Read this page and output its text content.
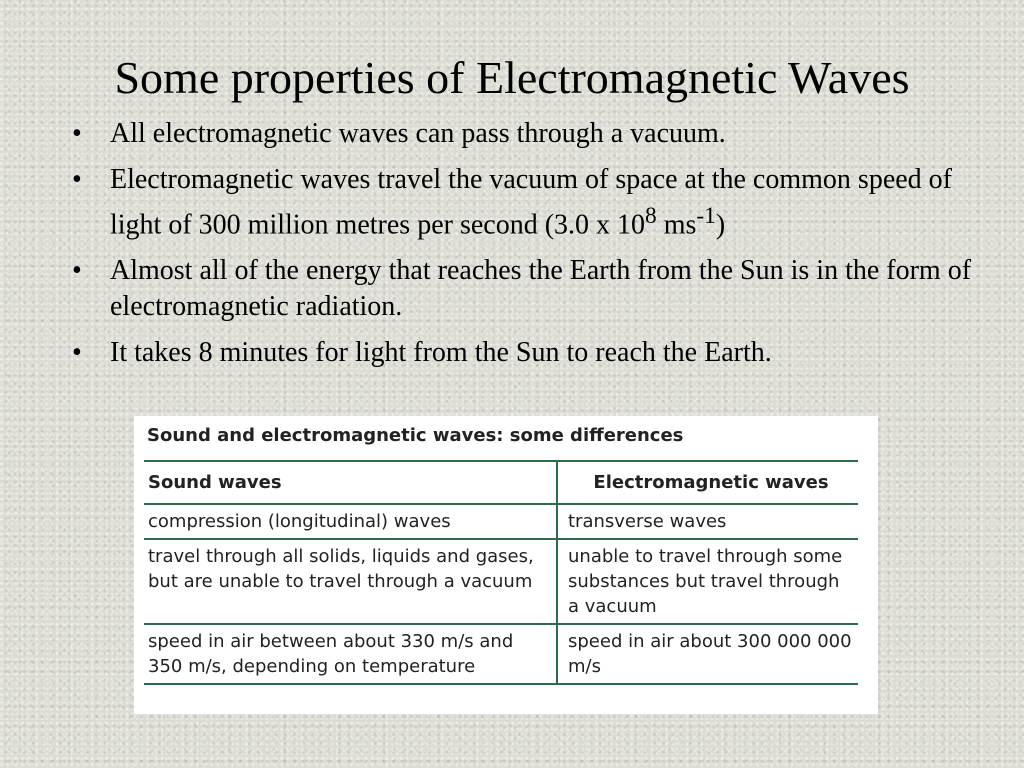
Some properties of Electromagnetic Waves
• All electromagnetic waves can pass through a vacuum.
• Electromagnetic waves travel the vacuum of space at the common speed of light of 300 million metres per second (3.0 x $10^8$ $ms^{-1}$)
• Almost all of the energy that reaches the Earth from the Sun is in the form of electromagnetic radiation.
• It takes 8 minutes for light from the Sun to reach the Earth.
Sound and electromagnetic waves: some differences
Sound waves	Electromagnetic waves
compression (longitudinal) waves	transverse waves
travel through all solids, liquids and gases, but are unable to travel through a vacuum	unable to travel through some substances but travel through a vacuum
speed in air between about 330 m/s and 350 m/s, depending on temperature	speed in air about 300 000 000 m/s
